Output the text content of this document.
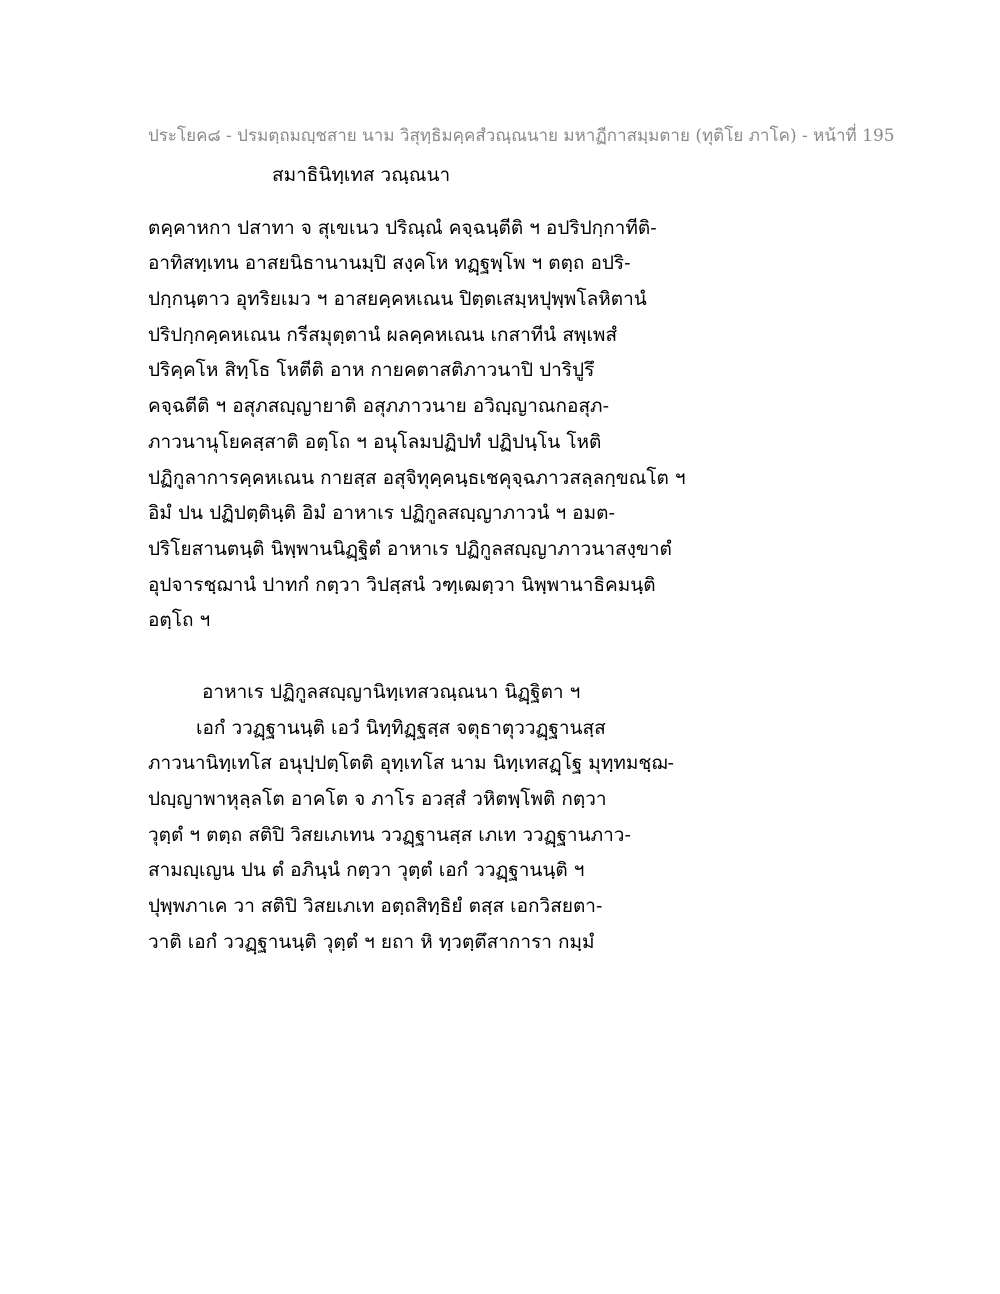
ประโยค๘ - ปรมตฺถมญฺชสาย นาม วิสุทฺธิมคฺคสํวณฺณนาย มหาฏีกาสมฺมตาย (ทุติโย ภาโค) - หน้าที่ 195
สมาธินิทฺเทส วณฺณนา
ตคฺคาหกา ปสาทา จ สุเขเนว ปริณฺณํ คจฺฉนฺตีติ ฯ อปริปกฺกาทีติ-
อาทิสทฺเทน อาสยนิธานานมฺปิ สงฺคโห ทฏฺฐพฺโพ ฯ ตตฺถ อปริ-
ปกฺกนฺตาว อุทริยเมว ฯ อาสยคฺคหเณน ปิตฺตเสมฺหปุพฺพโลหิตานํ
ปริปกฺกคฺคหเณน กรีสมุตฺตานํ ผลคฺคหเณน เกสาทีนํ สพฺเพสํ
ปริคฺคโห สิทฺโธ โหตีติ อาห กายคตาสติภาวนาปิ ปาริปูรึ
คจฺฉตีติ ฯ อสุภสญฺญายาติ อสุภภาวนาย อวิญฺญาณกอสุภ-
ภาวนานุโยคสฺสาติ อตฺโถ ฯ อนุโลมปฏิปทํ ปฏิปนฺโน โหติ
ปฏิกูลาการคฺคหเณน กายสฺส อสุจิทุคฺคนฺธเชคุจฺฉภาวสลฺลกฺขณโต ฯ
อิมํ ปน ปฏิปตฺตินฺติ อิมํ อาหาเร ปฏิกูลสญฺญาภาวนํ ฯ อมต-
ปริโยสานตนฺติ นิพฺพานนิฏฺฐิตํ อาหาเร ปฏิกูลสญฺญาภาวนาสงฺขาตํ
อุปจารชฺฌานํ ปาทกํ กตฺวา วิปสฺสนํ วฑฺเฒตฺวา นิพฺพานาธิคมนฺติ
อตฺโถ ฯ
อาหาเร ปฏิกูลสญฺญานิทฺเทสวณฺณนา นิฏฺฐิตา ฯ
เอกํ ววฏฺฐานนฺติ เอวํ นิทฺทิฏฺฐสฺส จตุธาตุววฏฺฐานสฺส
ภาวนานิทฺเทโส อนุปฺปตฺโตติ อุทฺเทโส นาม นิทฺเทสฏฺโฐ มุทฺทมชฺฌ-
ปญฺญาพาหุลฺลโต อาคโต จ ภาโร อวสฺสํ วหิตพฺโพติ กตฺวา
วุตฺตํ ฯ ตตฺถ สติปิ วิสยเภเทน ววฏฺฐานสฺส เภเท ววฏฺฐานภาว-
สามญฺเญน ปน ตํ อภินฺนํ กตฺวา วุตฺตํ เอกํ ววฏฺฐานนฺติ ฯ
ปุพฺพภาเค วา สติปิ วิสยเภเท อตฺถสิทฺธิยํ ตสฺส เอกวิสยตา-
วาติ เอกํ ววฏฺฐานนฺติ วุตฺตํ ฯ ยถา หิ ทฺวตฺตึสาการา กมฺมํ
